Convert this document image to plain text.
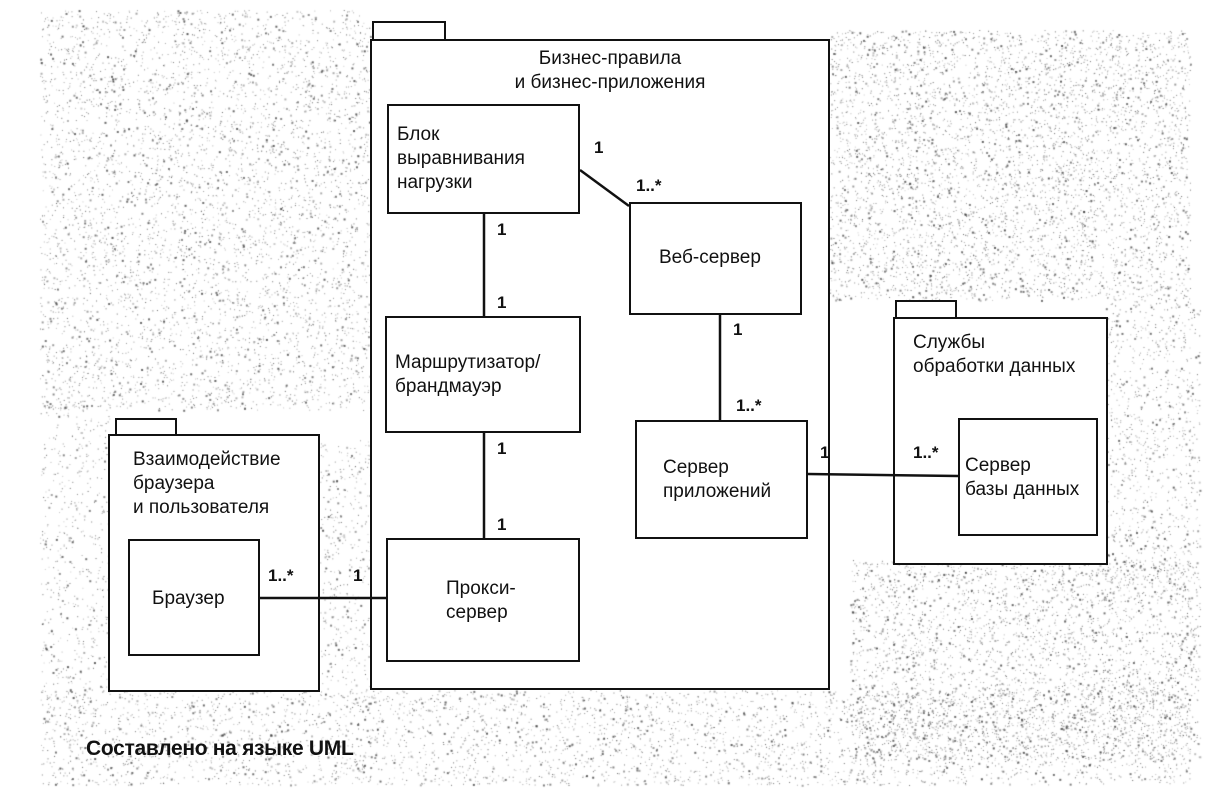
Бизнес-правила
и бизнес-приложения
Взаимодействие
браузера
и пользователя
Службы
обработки данных
Блок
выравнивания
нагрузки
Веб-сервер
Маршрутизатор/
брандмауэр
Сервер
приложений
Прокси-
сервер
Браузер
Сервер
базы данных
1
1..*
1
1
1
1..*
1
1
1	1..*
1..*	1
Составлено на языке UML
